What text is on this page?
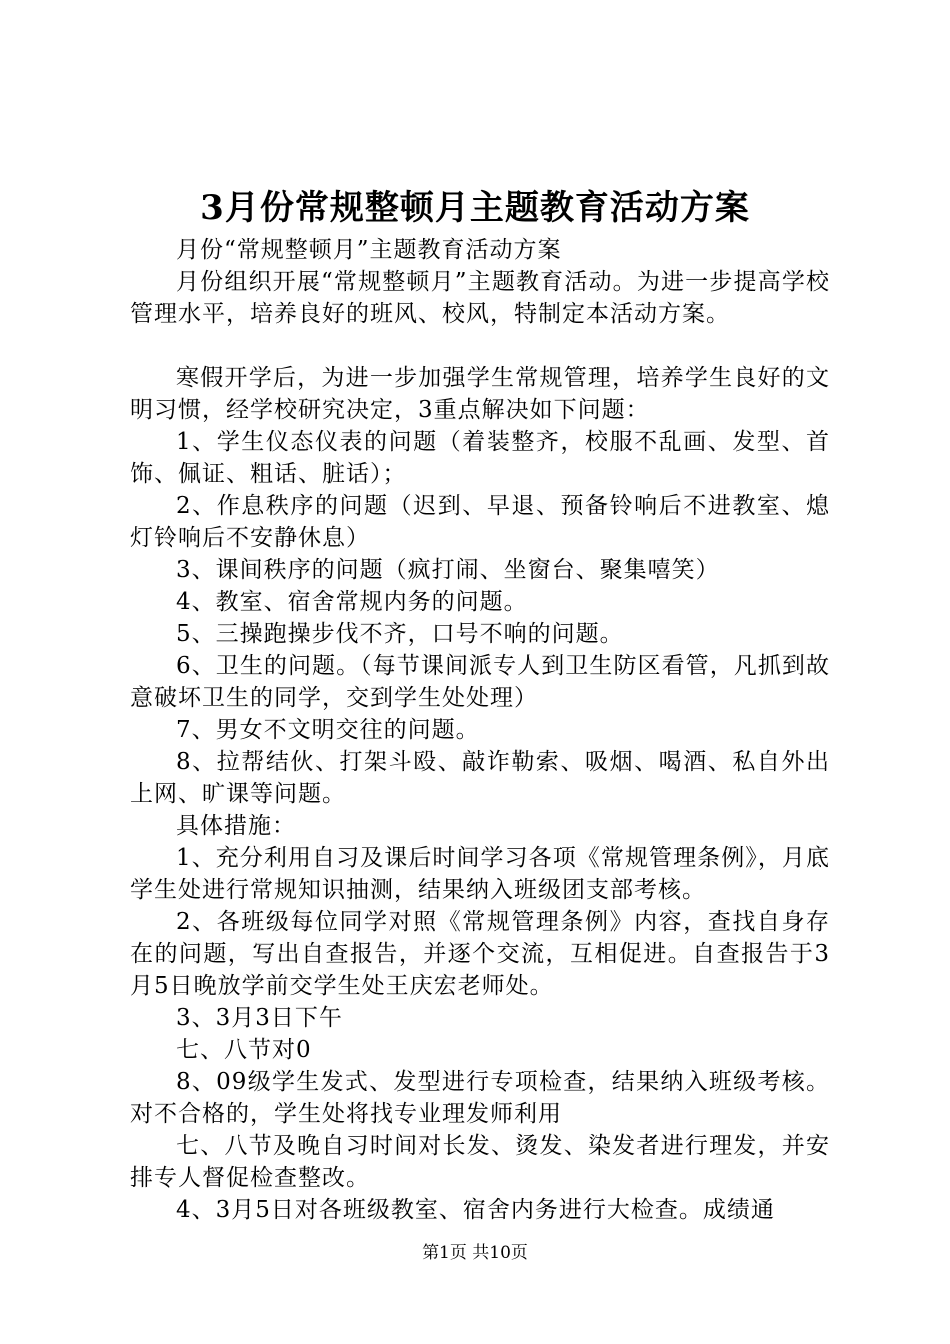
3月份常规整顿月主题教育活动方案

月份“常规整顿月”主题教育活动方案

月份组织开展“常规整顿月”主题教育活动。为进一步提高学校管理水平，培养良好的班风、校风，特制定本活动方案。

寒假开学后，为进一步加强学生常规管理，培养学生良好的文明习惯，经学校研究决定，3重点解决如下问题：

1、学生仪态仪表的问题（着装整齐，校服不乱画、发型、首饰、佩证、粗话、脏话）；

2、作息秩序的问题（迟到、早退、预备铃响后不进教室、熄灯铃响后不安静休息）

3、课间秩序的问题（疯打闹、坐窗台、聚集嘻笑）

4、教室、宿舍常规内务的问题。

5、三操跑操步伐不齐，口号不响的问题。

6、卫生的问题。（每节课间派专人到卫生防区看管，凡抓到故意破坏卫生的同学，交到学生处处理）

7、男女不文明交往的问题。

8、拉帮结伙、打架斗殴、敲诈勒索、吸烟、喝酒、私自外出上网、旷课等问题。

具体措施：

1、充分利用自习及课后时间学习各项《常规管理条例》，月底学生处进行常规知识抽测，结果纳入班级团支部考核。

2、各班级每位同学对照《常规管理条例》内容，查找自身存在的问题，写出自查报告，并逐个交流，互相促进。自查报告于3月5日晚放学前交学生处王庆宏老师处。

3、3月3日下午

七、八节对0

8、09级学生发式、发型进行专项检查，结果纳入班级考核。对不合格的，学生处将找专业理发师利用

七、八节及晚自习时间对长发、烫发、染发者进行理发，并安排专人督促检查整改。

4、3月5日对各班级教室、宿舍内务进行大检查。成绩通

第1页 共10页
